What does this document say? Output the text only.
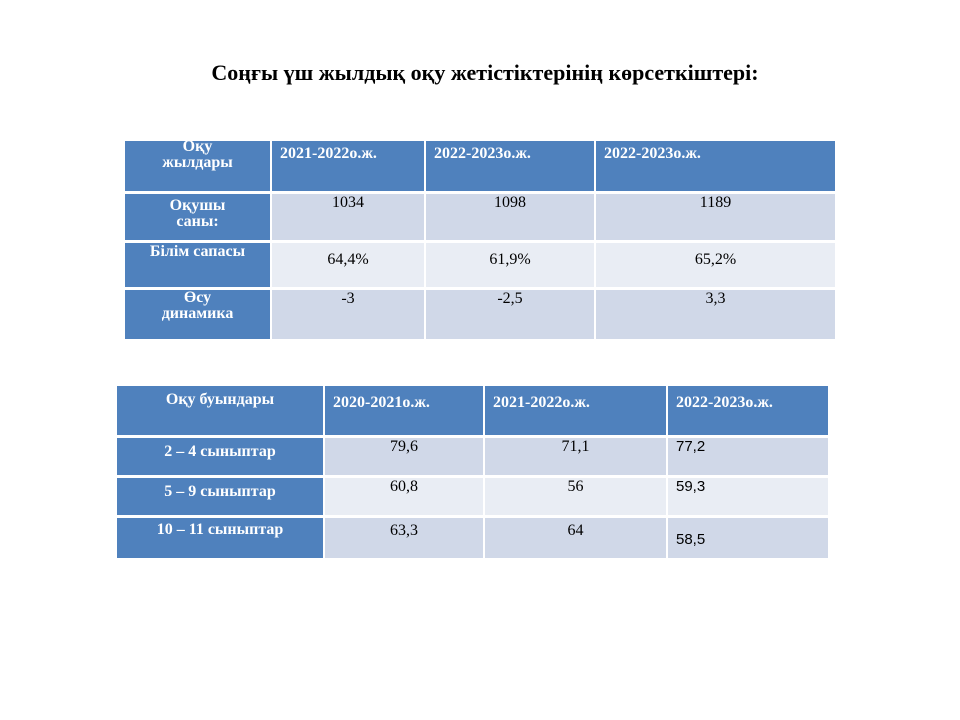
Соңғы үш жылдық оқу жетістіктерінің көрсеткіштері:
Оқу
жылдары	2021-2022о.ж.	2022-2023о.ж.	2022-2023о.ж.

Оқушы
саны:	1034	1098	1189

Білім сапасы	64,4%	61,9%	65,2%

Өсу
динамика	-3	-2,5	3,3
Оқу буындары	2020-2021о.ж.	2021-2022о.ж.	2022-2023о.ж.
2 – 4 сыныптар	79,6	71,1	77,2
5 – 9 сыныптар	60,8	56	59,3
10 – 11 сыныптар	63,3	64	58,5
